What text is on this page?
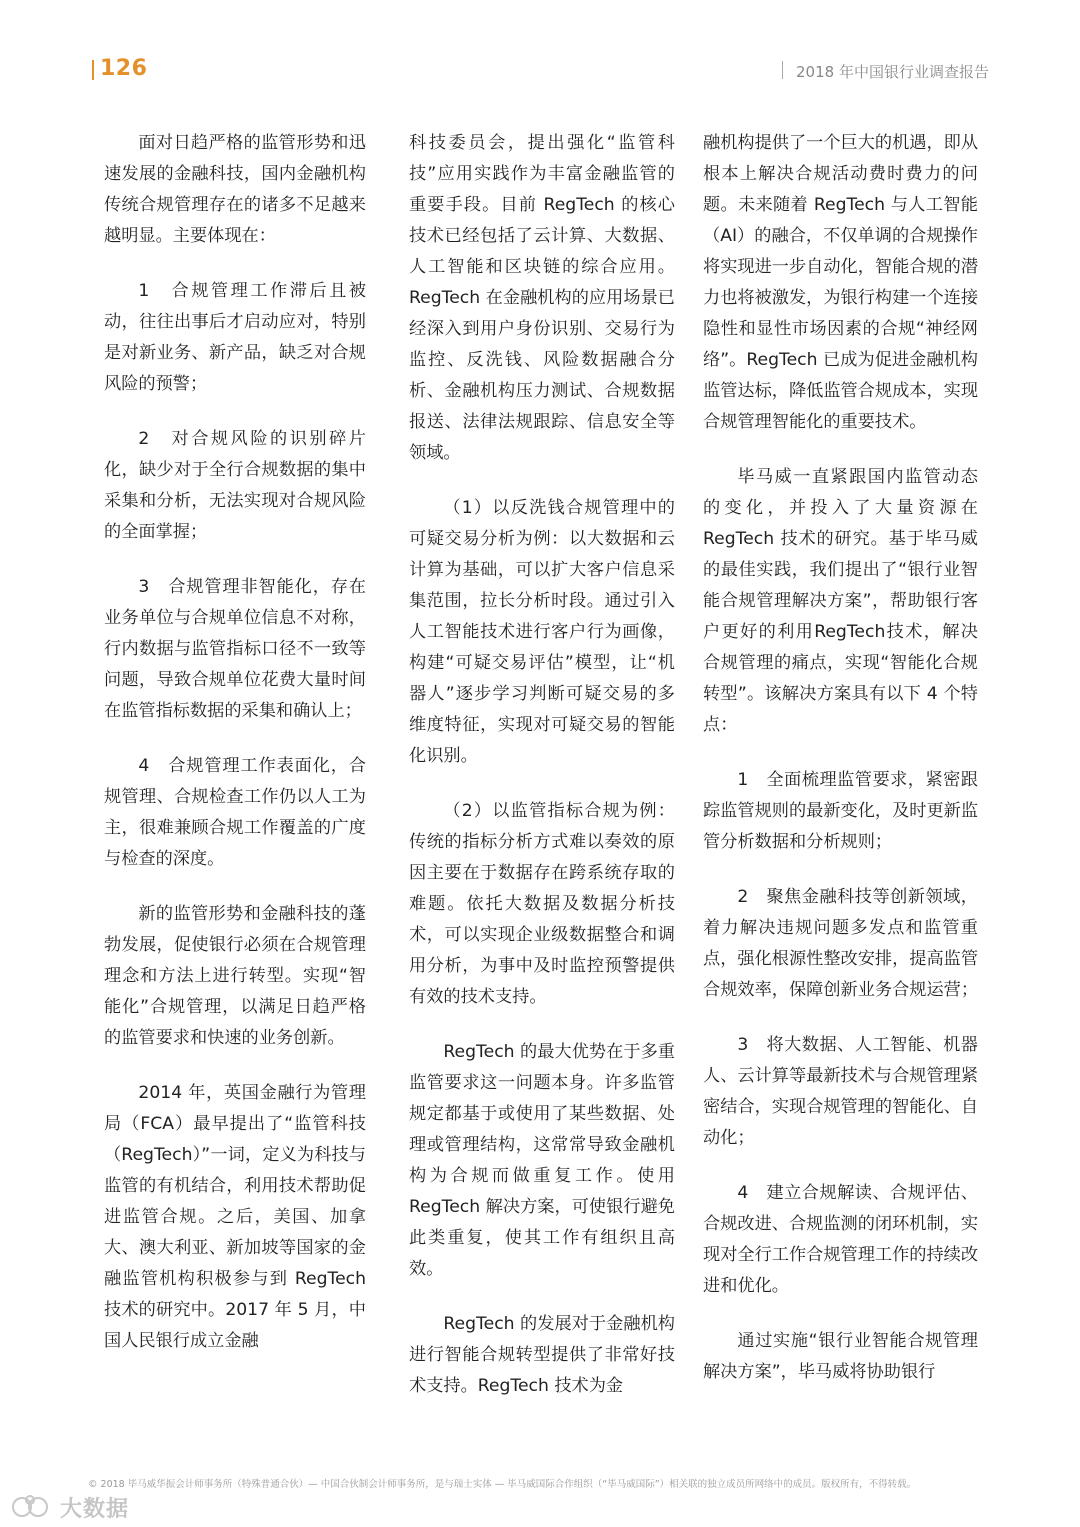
126	2018 年中国银行业调查报告

面对日趋严格的监管形势和迅速发展的金融科技，国内金融机构传统合规管理存在的诸多不足越来越明显。主要体现在：

1　合规管理工作滞后且被动，往往出事后才启动应对，特别是对新业务、新产品，缺乏对合规风险的预警；

2　对合规风险的识别碎片化，缺少对于全行合规数据的集中采集和分析，无法实现对合规风险的全面掌握；

3　合规管理非智能化，存在业务单位与合规单位信息不对称，行内数据与监管指标口径不一致等问题，导致合规单位花费大量时间在监管指标数据的采集和确认上；

4　合规管理工作表面化，合规管理、合规检查工作仍以人工为主，很难兼顾合规工作覆盖的广度与检查的深度。

新的监管形势和金融科技的蓬勃发展，促使银行必须在合规管理理念和方法上进行转型。实现“智能化”合规管理，以满足日趋严格的监管要求和快速的业务创新。

2014 年，英国金融行为管理局（FCA）最早提出了“监管科技（RegTech）”一词，定义为科技与监管的有机结合，利用技术帮助促进监管合规。之后，美国、加拿大、澳大利亚、新加坡等国家的金融监管机构积极参与到 RegTech 技术的研究中。2017 年 5 月，中国人民银行成立金融

科技委员会，提出强化“监管科技”应用实践作为丰富金融监管的重要手段。目前 RegTech 的核心技术已经包括了云计算、大数据、人工智能和区块链的综合应用。RegTech 在金融机构的应用场景已经深入到用户身份识别、交易行为监控、反洗钱、风险数据融合分析、金融机构压力测试、合规数据报送、法律法规跟踪、信息安全等领域。

（1）以反洗钱合规管理中的可疑交易分析为例：以大数据和云计算为基础，可以扩大客户信息采集范围，拉长分析时段。通过引入人工智能技术进行客户行为画像，构建“可疑交易评估”模型，让“机器人”逐步学习判断可疑交易的多维度特征，实现对可疑交易的智能化识别。

（2）以监管指标合规为例：传统的指标分析方式难以奏效的原因主要在于数据存在跨系统存取的难题。依托大数据及数据分析技术，可以实现企业级数据整合和调用分析，为事中及时监控预警提供有效的技术支持。

RegTech 的最大优势在于多重监管要求这一问题本身。许多监管规定都基于或使用了某些数据、处理或管理结构，这常常导致金融机构为合规而做重复工作。使用 RegTech 解决方案，可使银行避免此类重复，使其工作有组织且高效。

RegTech 的发展对于金融机构进行智能合规转型提供了非常好技术支持。RegTech 技术为金

融机构提供了一个巨大的机遇，即从根本上解决合规活动费时费力的问题。未来随着 RegTech 与人工智能（AI）的融合，不仅单调的合规操作将实现进一步自动化，智能合规的潜力也将被激发，为银行构建一个连接隐性和显性市场因素的合规“神经网络”。RegTech 已成为促进金融机构监管达标，降低监管合规成本，实现合规管理智能化的重要技术。

毕马威一直紧跟国内监管动态的变化，并投入了大量资源在 RegTech 技术的研究。基于毕马威的最佳实践，我们提出了“银行业智能合规管理解决方案”，帮助银行客户更好的利用RegTech技术，解决合规管理的痛点，实现“智能化合规转型”。该解决方案具有以下 4 个特点：

1　全面梳理监管要求，紧密跟踪监管规则的最新变化，及时更新监管分析数据和分析规则；

2　聚焦金融科技等创新领域，着力解决违规问题多发点和监管重点，强化根源性整改安排，提高监管合规效率，保障创新业务合规运营；

3　将大数据、人工智能、机器人、云计算等最新技术与合规管理紧密结合，实现合规管理的智能化、自动化；

4　建立合规解读、合规评估、合规改进、合规监测的闭环机制，实现对全行工作合规管理工作的持续改进和优化。

通过实施“银行业智能合规管理解决方案”，毕马威将协助银行

© 2018 毕马威华振会计师事务所（特殊普通合伙）— 中国合伙制会计师事务所，是与瑞士实体 — 毕马威国际合作组织（“毕马威国际”）相关联的独立成员所网络中的成员。版权所有，不得转载。
大数据
